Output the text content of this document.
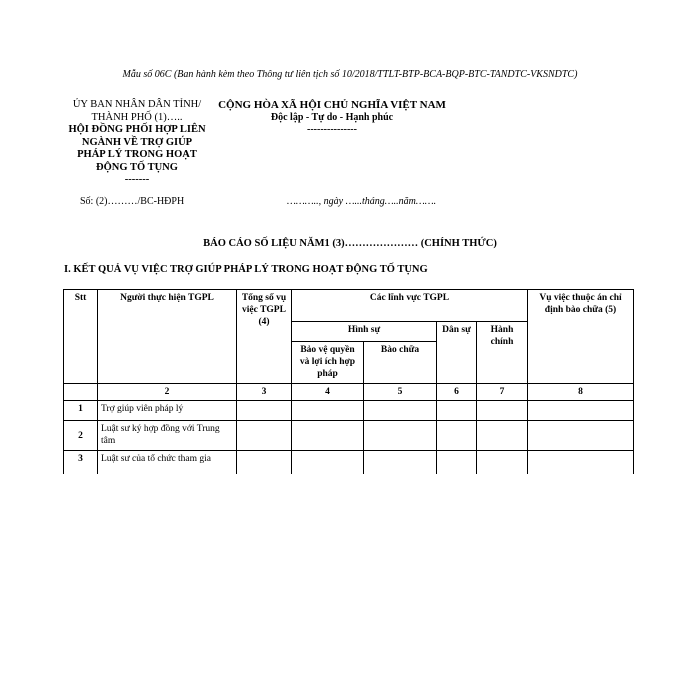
Mẫu số 06C (Ban hành kèm theo Thông tư liên tịch số 10/2018/TTLT-BTP-BCA-BQP-BTC-TANDTC-VKSNDTC)
ỦY BAN NHÂN DÂN TỈNH/
THÀNH PHỐ (1)…..
HỘI ĐỒNG PHỐI HỢP LIÊN
NGÀNH VỀ TRỢ GIÚP
PHÁP LÝ TRONG HOẠT
ĐỘNG TỐ TỤNG
-------
CỘNG HÒA XÃ HỘI CHỦ NGHĨA VIỆT NAM
Độc lập - Tự do - Hạnh phúc
---------------
Số: (2)………/BC-HĐPH	……….., ngày …...tháng…..năm…….
BÁO CÁO SỐ LIỆU NĂM1 (3)………………… (CHÍNH THỨC)
I. KẾT QUẢ VỤ VIỆC TRỢ GIÚP PHÁP LÝ TRONG HOẠT ĐỘNG TỐ TỤNG
Stt	Người thực hiện TGPL	Tổng số vụ việc TGPL (4)	Các lĩnh vực TGPL				Vụ việc thuộc án chỉ định bào chữa (5)
			Hình sự		Dân sự	Hành chính	
			Bảo vệ quyền và lợi ích hợp pháp	Bào chữa			
	2	3	4	5	6	7	8
1	Trợ giúp viên pháp lý						
2	Luật sư ký hợp đồng với Trung tâm						
3	Luật sư của tổ chức tham gia						
